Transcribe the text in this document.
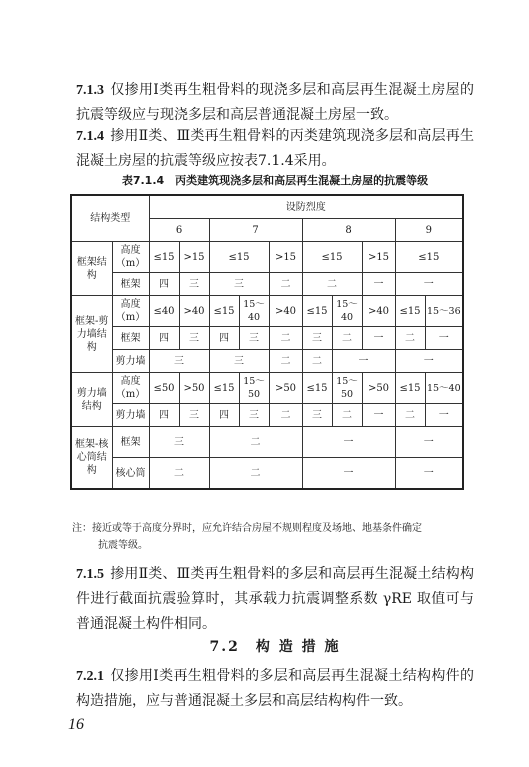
7.1.3 仅掺用Ⅰ类再生粗骨料的现浇多层和高层再生混凝土房屋的抗震等级应与现浇多层和高层普通混凝土房屋一致。
7.1.4 掺用Ⅱ类、Ⅲ类再生粗骨料的丙类建筑现浇多层和高层再生混凝土房屋的抗震等级应按表7.1.4采用。
表7.1.4　丙类建筑现浇多层和高层再生混凝土房屋的抗震等级
结构类型		设防烈度									
		6		7			8			9	
框架结构	高度（m）	≤15	>15	≤15		>15	≤15		>15	≤15	
	框架	四	三	三		二	二		一	一	
框架-剪力墙结构	高度（m）	≤40	>40	≤15	15～40	>40	≤15	15～40	>40	≤15	15～36
	框架	四	三	四	三	二	三	二	一	二	一
	剪力墙	三		三		二	二	一		一	
剪力墙结构	高度（m）	≤50	>50	≤15	15～50	>50	≤15	15～50	>50	≤15	15～40
	剪力墙	四	三	四	三	二	三	二	一	二	一
框架-核心筒结构	框架	三		二			一			一	
	核心筒	二		二			一			一	
注：接近或等于高度分界时，应允许结合房屋不规则程度及场地、地基条件确定
抗震等级。
7.1.5 掺用Ⅱ类、Ⅲ类再生粗骨料的多层和高层再生混凝土结构构件进行截面抗震验算时，其承载力抗震调整系数 γRE 取值可与普通混凝土构件相同。
7.2　构 造 措 施
7.2.1 仅掺用Ⅰ类再生粗骨料的多层和高层再生混凝土结构构件的构造措施，应与普通混凝土多层和高层结构构件一致。
16
